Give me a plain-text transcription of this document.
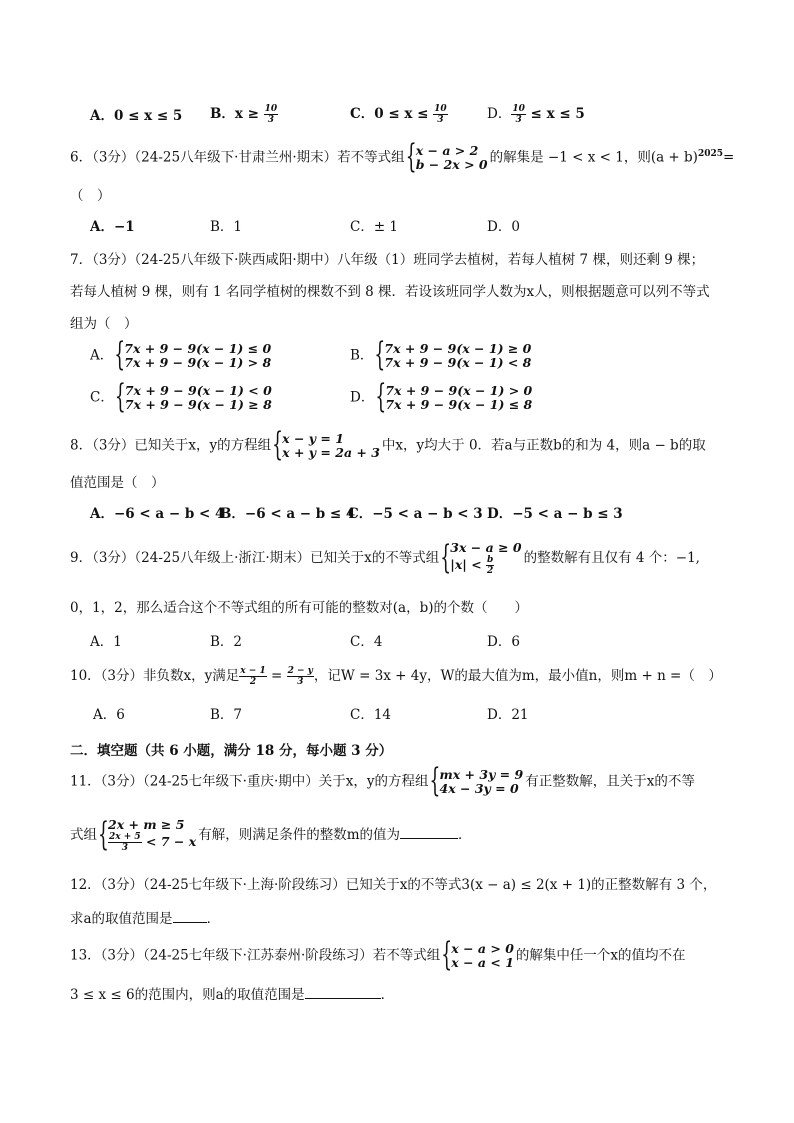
A．0 ≤ x ≤ 5 B．$x \ge \frac{10}{3}$	C．$0 \le x \le \frac{10}{3}$	D． $\frac{10}{3} \le x \le 5$
6．（3分）（24-25八年级下·甘肃兰州·期末）若不等式组 { x − a > 2
b − 2x > 0 的解集是 −1 < x < 1，则$(a + b)^{2025}=$
（　）
A．−1	B．1	C．± 1	D．0
7．（3分）（24-25八年级下·陕西咸阳·期中）八年级（1）班同学去植树，若每人植树 7 棵，则还剩 9 棵；
若每人植树 9 棵，则有 1 名同学植树的棵数不到 8 棵．若设该班同学人数为x人，则根据题意可以列不等式
组为（　）
A． { 7x + 9 − 9(x − 1) ≤ 0
7x + 9 − 9(x − 1) > 8	B． { 7x + 9 − 9(x − 1) ≥ 0
7x + 9 − 9(x − 1) < 8
C． { 7x + 9 − 9(x − 1) < 0
7x + 9 − 9(x − 1) ≥ 8	D． { 7x + 9 − 9(x − 1) > 0
7x + 9 − 9(x − 1) ≤ 8
8．（3分）已知关于x，y的方程组 { x − y = 1
x + y = 2a + 3 中x，y均大于 0．若a与正数b的和为 4，则a − b的取
值范围是（　）
A．−6 < a − b < 4
B．−6 < a − b ≤ 4
C．−5 < a − b < 3 D．−5 < a − b ≤ 3
9．（3分）（24-25八年级上·浙江·期末）已知关于x的不等式组
{ 3x − a ≥ 0
$|x| < \frac{b}{2}$ 的整数解有且仅有 4 个：−1,
0，1，2，那么适合这个不等式组的所有可能的整数对(a，b)的个数（　　）
A．1	B．2	C．4	D．6
10．（3分）非负数x，y满足 $\frac{x - 1}{2} = \frac{2 - y}{3}$ ，记W = 3x + 4y，W的最大值为m，最小值n，则m + n =（　）
A．6	B．7	C．14	D．21
二．填空题（共 6 小题，满分 18 分，每小题 3 分）
11．（3分）（24-25七年级下·重庆·期中）关于x，y的方程组 { mx + 3y = 9
4x − 3y = 0 有正整数解，且关于x的不等
式组
{ 2x + m ≥ 5
$\frac{2x + 5}{3} < 7 - x$ 有解，则满足条件的整数m的值为	．
12．（3分）（24-25七年级下·上海·阶段练习）已知关于x的不等式3(x − a) ≤ 2(x + 1)的正整数解有 3 个，
求a的取值范围是	．
13．（3分）（24-25七年级下·江苏泰州·阶段练习）若不等式组 { x − a > 0
x − a < 1 的解集中任一个x的值均不在
3 ≤ x ≤ 6的范围内，则a的取值范围是	．
